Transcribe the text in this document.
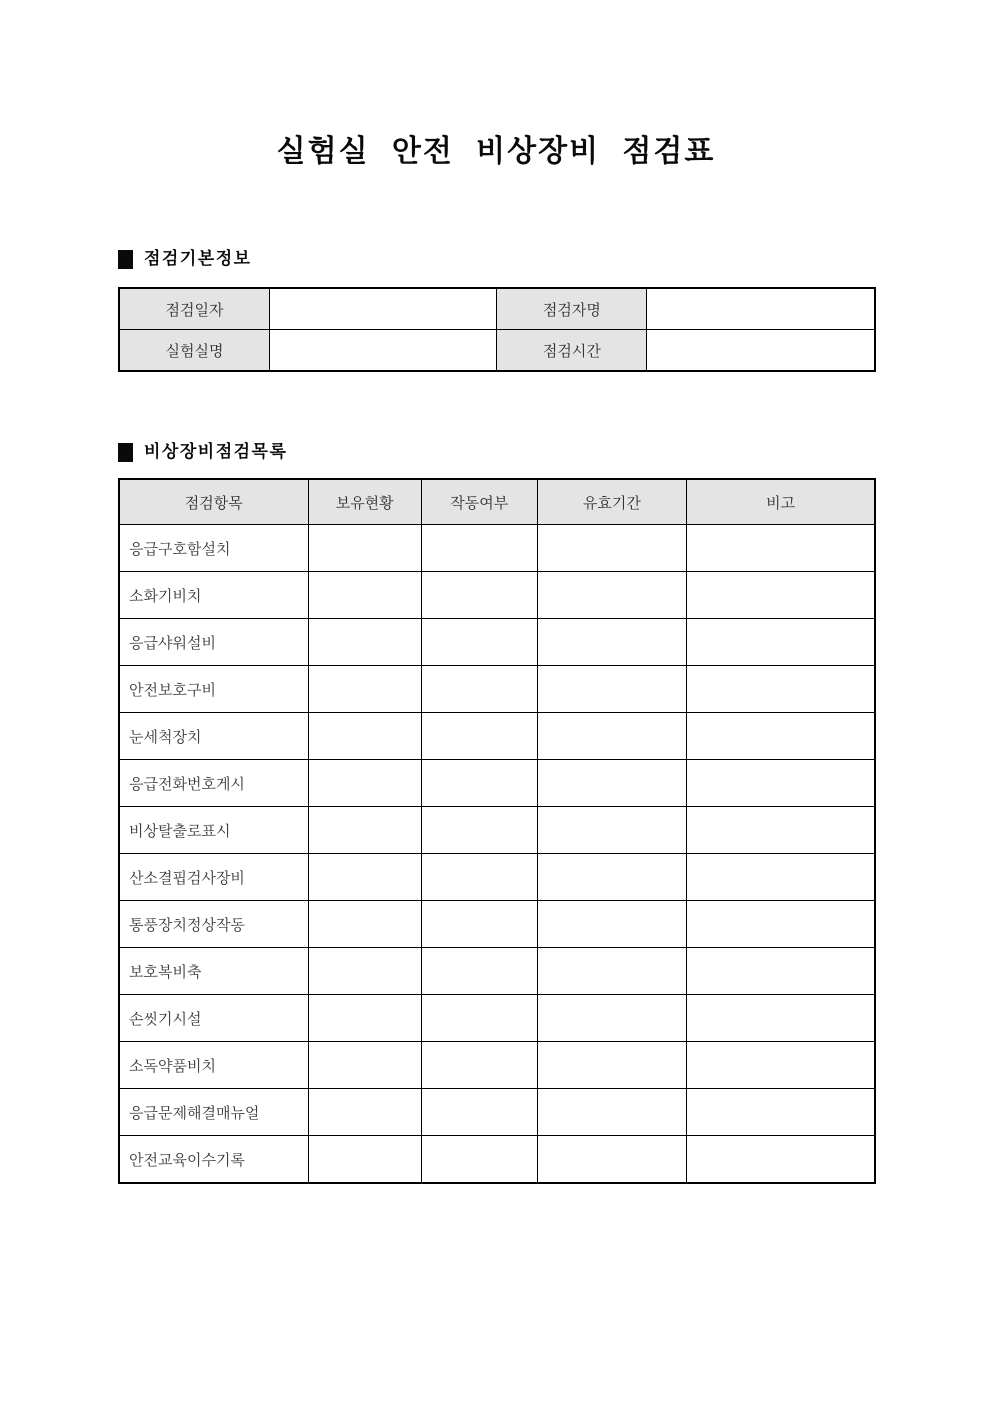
실험실 안전 비상장비 점검표
점검기본정보
점검일자		점검자명	
실험실명		점검시간	
비상장비점검목록
점검항목	보유현황	작동여부	유효기간	비고
응급구호함설치				
소화기비치				
응급샤워설비				
안전보호구비				
눈세척장치				
응급전화번호게시				
비상탈출로표시				
산소결핍검사장비				
통풍장치정상작동				
보호복비축				
손씻기시설				
소독약품비치				
응급문제해결매뉴얼				
안전교육이수기록				
